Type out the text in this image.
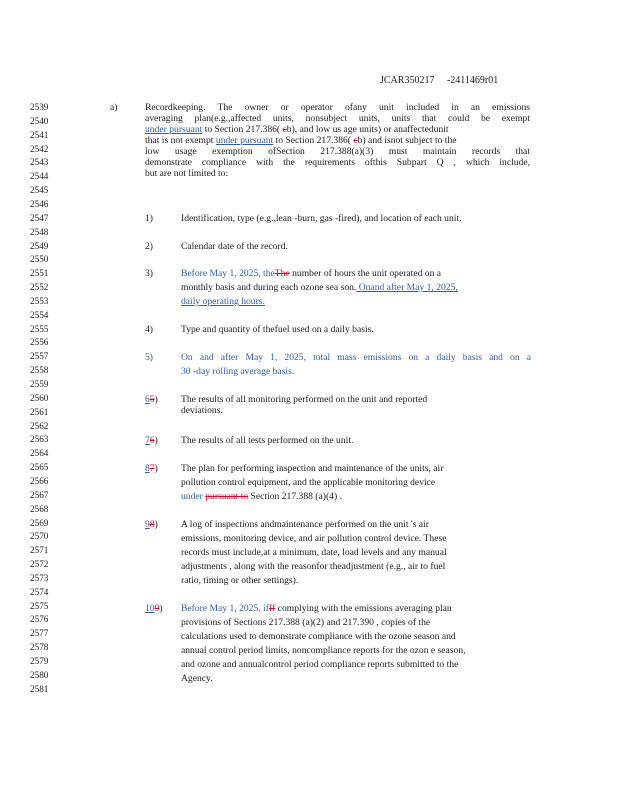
JCAR350217 -2411469r01
2539
2540
2541
2542
2543
2544
2545
2546
2547
2548
2549
2550
2551
2552
2553
2554
2555
2556
2557
2558
2559
2560
2561
2562
2563
2564
2565
2566
2567
2568
2569
2570
2571
2572
2573
2574
2575
2576
2577
2578
2579
2580
2581
a)	Recordkeeping. The owner or operator ofany unit included in an emissions
averaging plan(e.g.,affected units, nonsubject units, units that could be exempt
under pursuant to Section 217.386( cb), and low us age units) or anaffectedunit
that is not exempt under pursuant to Section 217.386( cb) and isnot subject to the
low usage exemption ofSection 217.388(a)(3) must maintain records that
demonstrate compliance with the requirements ofthis Subpart Q , which include,
but are not limited to:
1)	Identification, type (e.g.,lean -burn, gas -fired), and location of each unit.
2)	Calendar date of the record.
3)	Before May 1, 2025, theThe number of hours the unit operated on a
monthly basis and during each ozone sea son. Onand after May 1, 2025,
daily operating hours.
4)	Type and quantity of thefuel used on a daily basis.
5)	On and after May 1, 2025, total mass emissions on a daily basis and on a
30 -day rolling average basis.
65) The results of all monitoring performed on the unit and reported
deviations.
76) The results of all tests performed on the unit.
87) The plan for performing inspection and maintenance of the units, air
pollution control equipment, and the applicable monitoring device
under pursuant to Section 217.388 (a)(4) .
98) A log of inspections andmaintenance performed on the unit 's air
emissions, monitoring device, and air pollution control device. These
records must include,at a minimum, date, load levels and any manual
adjustments , along with the reasonfor theadjustment (e.g., air to fuel
ratio, timing or other settings).
109) Before May 1, 2025, ifIf complying with the emissions averaging plan
provisions of Sections 217.388 (a)(2) and 217.390 , copies of the
calculations used to demonstrate compliance with the ozone season and
annual control period limits, noncompliance reports for the ozon e season,
and ozone and annualcontrol period compliance reports submitted to the
Agency.
